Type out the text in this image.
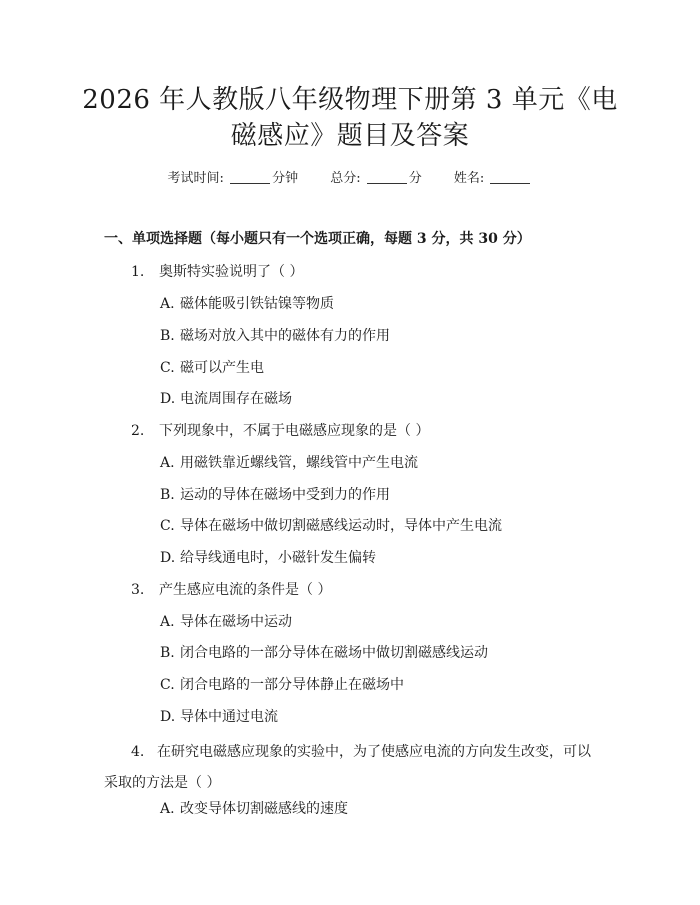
2026 年人教版八年级物理下册第 3 单元《电
磁感应》题目及答案
考试时间:	分钟 总分:	分 姓名:
一、单项选择题（每小题只有一个选项正确，每题 3 分，共 30 分）
1. 奥斯特实验说明了（ ）
A. 磁体能吸引铁钴镍等物质
B. 磁场对放入其中的磁体有力的作用
C. 磁可以产生电
D. 电流周围存在磁场
2. 下列现象中，不属于电磁感应现象的是（ ）
A. 用磁铁靠近螺线管，螺线管中产生电流
B. 运动的导体在磁场中受到力的作用
C. 导体在磁场中做切割磁感线运动时，导体中产生电流
D. 给导线通电时，小磁针发生偏转
3. 产生感应电流的条件是（ ）
A. 导体在磁场中运动
B. 闭合电路的一部分导体在磁场中做切割磁感线运动
C. 闭合电路的一部分导体静止在磁场中
D. 导体中通过电流
4. 在研究电磁感应现象的实验中，为了使感应电流的方向发生改变，可以采取的方法是（ ）
A. 改变导体切割磁感线的速度
